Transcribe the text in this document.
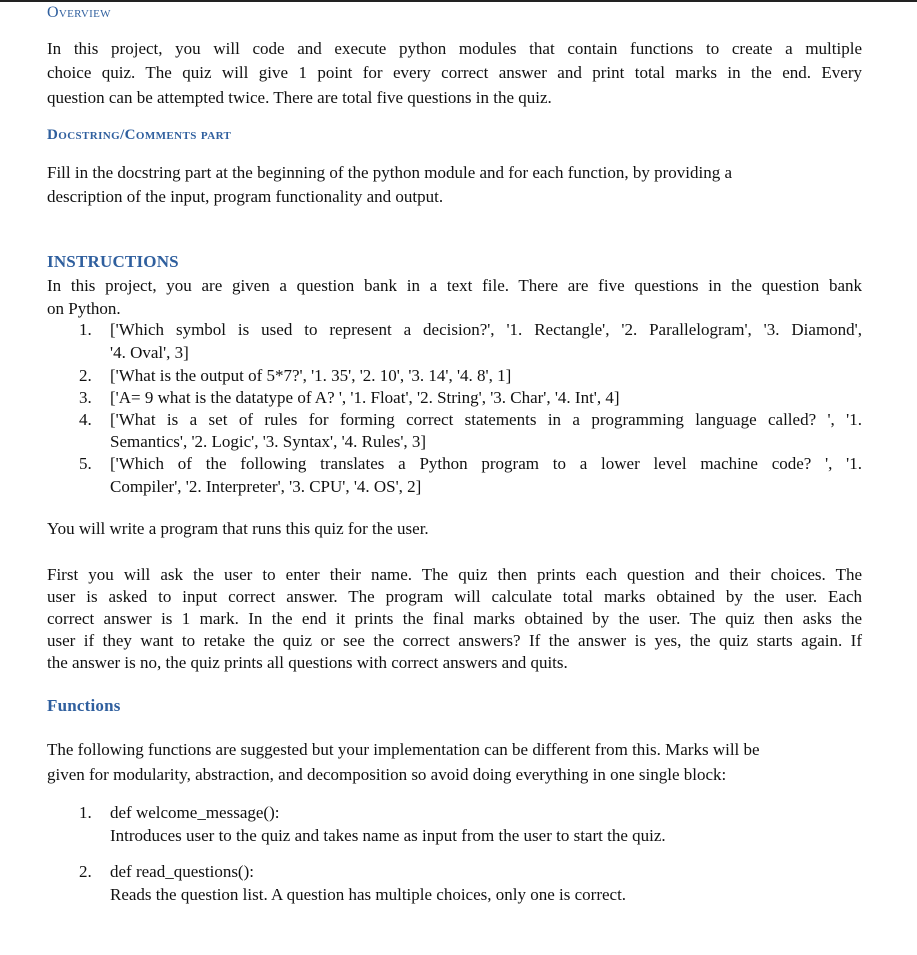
Overview
In this project, you will code and execute python modules that contain functions to create a multiple
choice quiz. The quiz will give 1 point for every correct answer and print total marks in the end. Every
question can be attempted twice. There are total five questions in the quiz.
Docstring/Comments part
Fill in the docstring part at the beginning of the python module and for each function, by providing a
description of the input, program functionality and output.
INSTRUCTIONS
In this project, you are given a question bank in a text file. There are five questions in the question bank
on Python.
1. ['Which symbol is used to represent a decision?', '1. Rectangle', '2. Parallelogram', '3. Diamond',
'4. Oval', 3]
2. ['What is the output of 5*7?', '1. 35', '2. 10', '3. 14', '4. 8', 1]
3. ['A= 9 what is the datatype of A? ', '1. Float', '2. String', '3. Char', '4. Int', 4]
4. ['What is a set of rules for forming correct statements in a programming language called? ', '1.
Semantics', '2. Logic', '3. Syntax', '4. Rules', 3]
5. ['Which of the following translates a Python program to a lower level machine code? ', '1.
Compiler', '2. Interpreter', '3. CPU', '4. OS', 2]
You will write a program that runs this quiz for the user.
First you will ask the user to enter their name. The quiz then prints each question and their choices. The
user is asked to input correct answer. The program will calculate total marks obtained by the user. Each
correct answer is 1 mark. In the end it prints the final marks obtained by the user. The quiz then asks the
user if they want to retake the quiz or see the correct answers? If the answer is yes, the quiz starts again. If
the answer is no, the quiz prints all questions with correct answers and quits.
Functions
The following functions are suggested but your implementation can be different from this. Marks will be
given for modularity, abstraction, and decomposition so avoid doing everything in one single block:
1. def welcome_message():
Introduces user to the quiz and takes name as input from the user to start the quiz.
2. def read_questions():
Reads the question list. A question has multiple choices, only one is correct.
